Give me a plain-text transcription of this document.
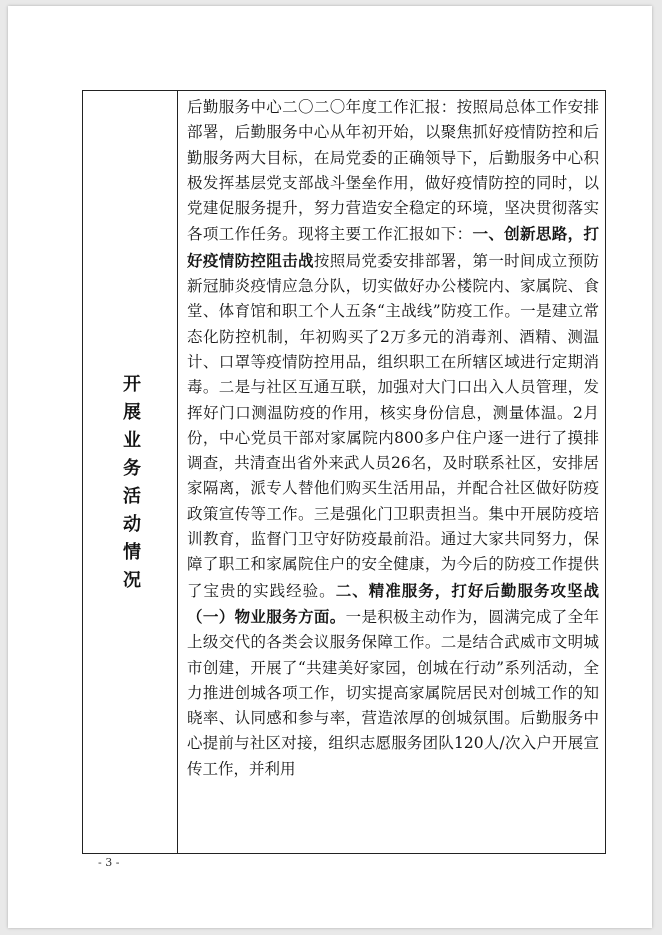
开展业务活动情况

后勤服务中心二〇二〇年度工作汇报：按照局总体工作安排部署，后勤服务中心从年初开始，以聚焦抓好疫情防控和后勤服务两大目标，在局党委的正确领导下，后勤服务中心积极发挥基层党支部战斗堡垒作用，做好疫情防控的同时，以党建促服务提升，努力营造安全稳定的环境，坚决贯彻落实各项工作任务。现将主要工作汇报如下：一、创新思路，打好疫情防控阻击战按照局党委安排部署，第一时间成立预防新冠肺炎疫情应急分队，切实做好办公楼院内、家属院、食堂、体育馆和职工个人五条“主战线”防疫工作。一是建立常态化防控机制，年初购买了2万多元的消毒剂、酒精、测温计、口罩等疫情防控用品，组织职工在所辖区域进行定期消毒。二是与社区互通互联，加强对大门口出入人员管理，发挥好门口测温防疫的作用，核实身份信息，测量体温。2月份，中心党员干部对家属院内800多户住户逐一进行了摸排调查，共清查出省外来武人员26名，及时联系社区，安排居家隔离，派专人替他们购买生活用品，并配合社区做好防疫政策宣传等工作。三是强化门卫职责担当。集中开展防疫培训教育，监督门卫守好防疫最前沿。通过大家共同努力，保障了职工和家属院住户的安全健康，为今后的防疫工作提供了宝贵的实践经验。二、精准服务，打好后勤服务攻坚战（一）物业服务方面。一是积极主动作为，圆满完成了全年上级交代的各类会议服务保障工作。二是结合武威市文明城市创建，开展了“共建美好家园，创城在行动”系列活动，全力推进创城各项工作，切实提高家属院居民对创城工作的知晓率、认同感和参与率，营造浓厚的创城氛围。后勤服务中心提前与社区对接，组织志愿服务团队120人/次入户开展宣传工作，并利用

- 3 -
